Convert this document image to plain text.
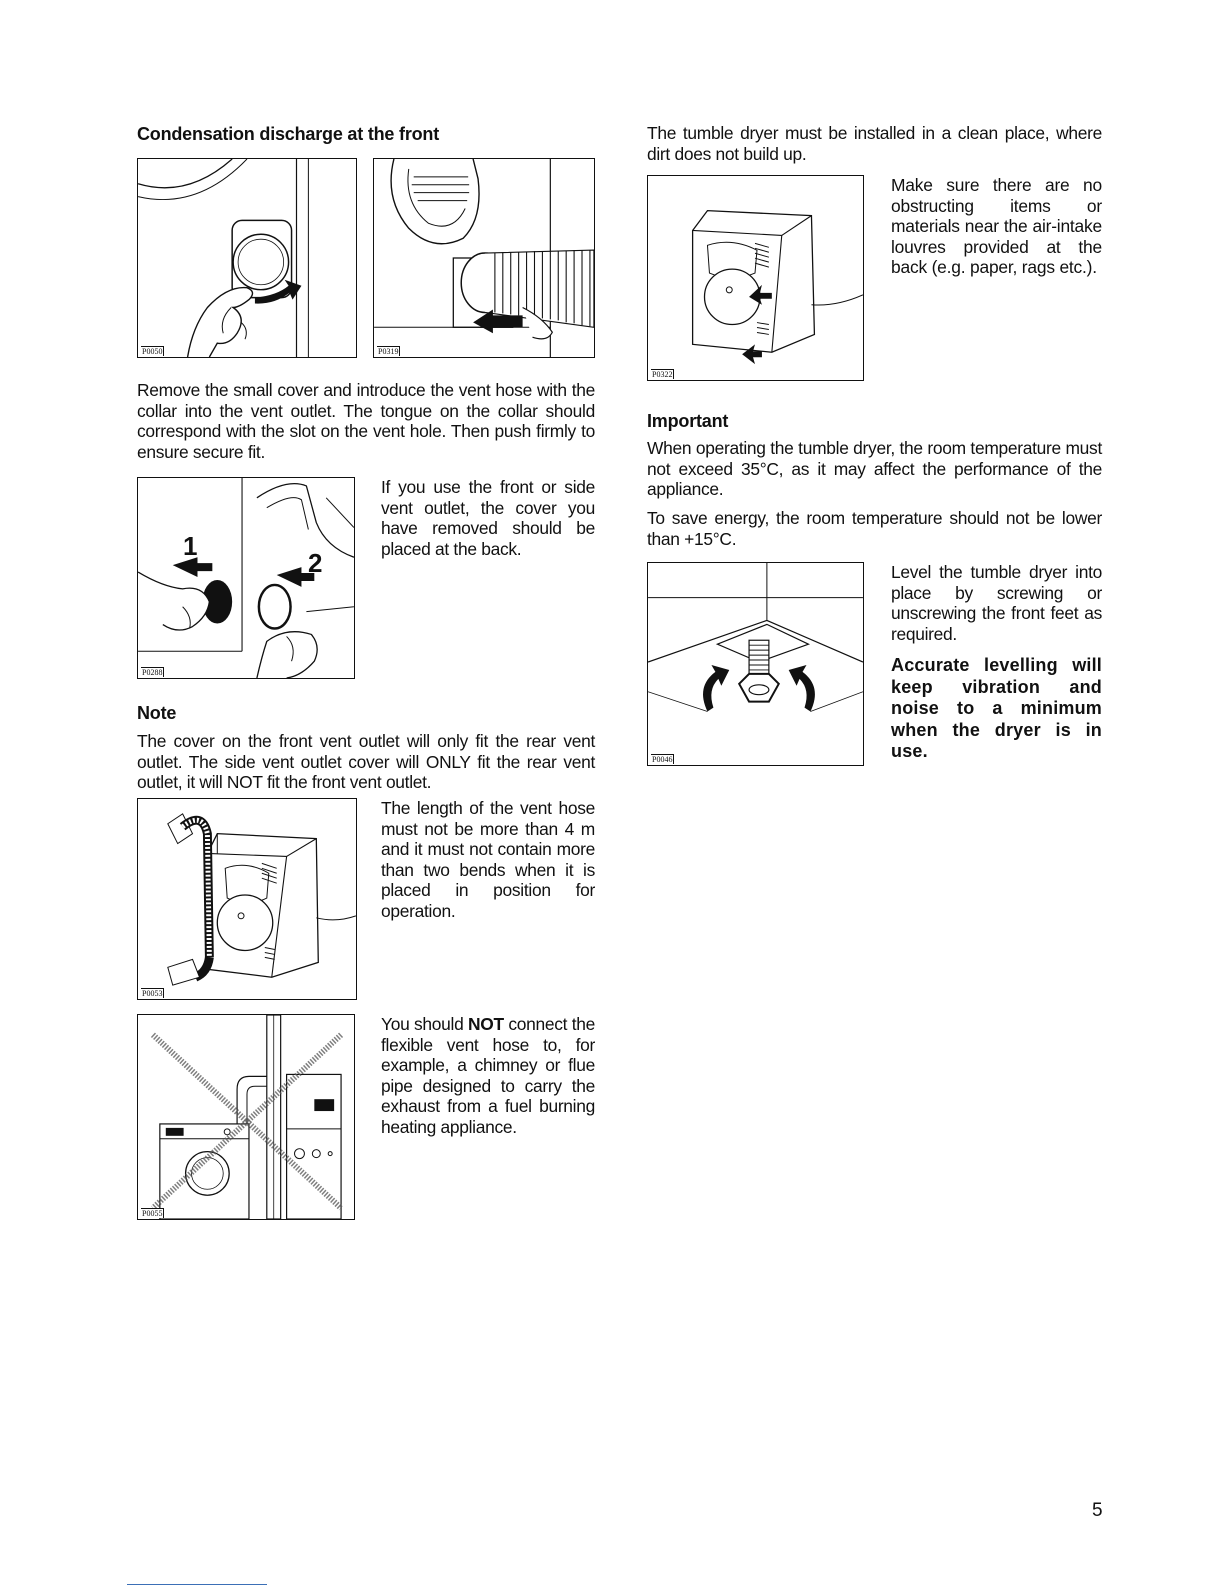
Condensation discharge at the front
P0050	P0319
Remove the small cover and introduce the vent hose with the collar into the vent outlet. The tongue on the collar should correspond with the slot on the vent hole. Then push firmly to ensure secure fit.
1
2
P0288
If you use the front or side vent outlet, the cover you have removed should be placed at the back.
Note
The cover on the front vent outlet will only fit the rear vent outlet. The side vent outlet cover will ONLY fit the rear vent outlet, it will NOT fit the front vent outlet.
P0053
The length of the vent hose must not be more than 4 m and it must not contain more than two bends when it is placed in position for operation.
P0055
You should NOT connect the flexible vent hose to, for example, a chimney or flue pipe designed to carry the exhaust from a fuel burning heating appliance.
The tumble dryer must be installed in a clean place, where dirt does not build up.
P0322
Make sure there are no obstructing items or materials near the air-intake louvres provided at the back (e.g. paper, rags etc.).
Important
When operating the tumble dryer, the room temperature must not exceed 35°C, as it may affect the performance of the appliance.
To save energy, the room temperature should not be lower than +15°C.
P0046
Level the tumble dryer into place by screwing or unscrewing the front feet as required.
Accurate levelling will keep vibration and noise to a minimum when the dryer is in use.
5
